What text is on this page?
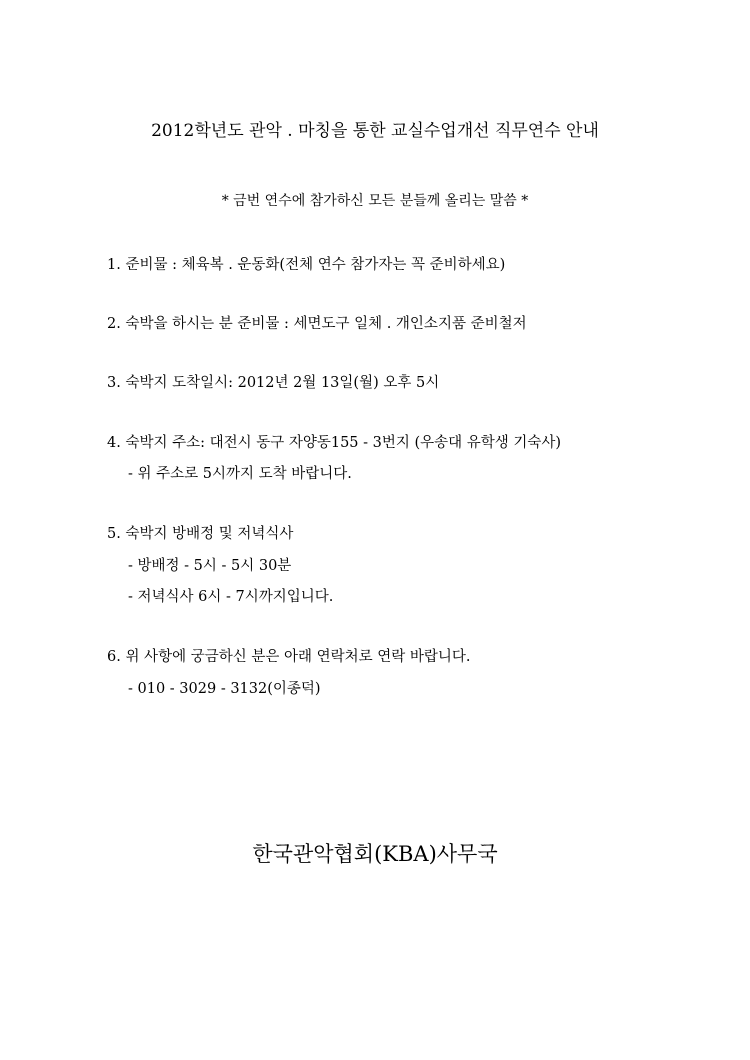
2012학년도 관악 . 마칭을 통한 교실수업개선 직무연수 안내
* 금번 연수에 참가하신 모든 분들께 올리는 말씀 *
1. 준비물 : 체육복 . 운동화(전체 연수 참가자는 꼭 준비하세요)
2. 숙박을 하시는 분 준비물 : 세면도구 일체 . 개인소지품 준비철저
3. 숙박지 도착일시: 2012년 2월 13일(월) 오후 5시
4. 숙박지 주소: 대전시 동구 자양동155 - 3번지 (우송대 유학생 기숙사)
- 위 주소로 5시까지 도착 바랍니다.
5. 숙박지 방배정 및 저녁식사
- 방배정 - 5시 - 5시 30분
- 저녁식사 6시 - 7시까지입니다.
6. 위 사항에 궁금하신 분은 아래 연락처로 연락 바랍니다.
- 010 - 3029 - 3132(이종덕)
한국관악협회(KBA)사무국
